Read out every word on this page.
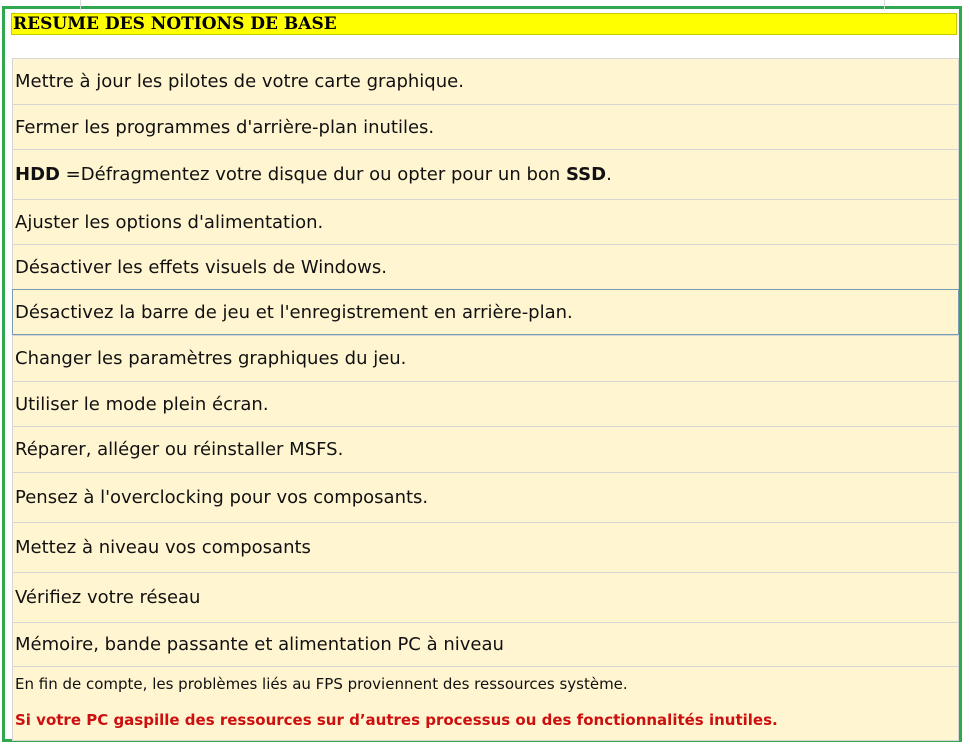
RESUME DES NOTIONS DE BASE
Mettre à jour les pilotes de votre carte graphique.
Fermer les programmes d'arrière-plan inutiles.
HDD =Défragmentez votre disque dur ou opter pour un bon SSD.
Ajuster les options d'alimentation.
Désactiver les effets visuels de Windows.
Désactivez la barre de jeu et l'enregistrement en arrière-plan.
Changer les paramètres graphiques du jeu.
Utiliser le mode plein écran.
Réparer, alléger ou réinstaller MSFS.
Pensez à l'overclocking pour vos composants.
Mettez à niveau vos composants
Vérifiez votre réseau
Mémoire, bande passante et alimentation PC à niveau
En fin de compte, les problèmes liés au FPS proviennent des ressources système.
Si votre PC gaspille des ressources sur d’autres processus ou des fonctionnalités inutiles.
